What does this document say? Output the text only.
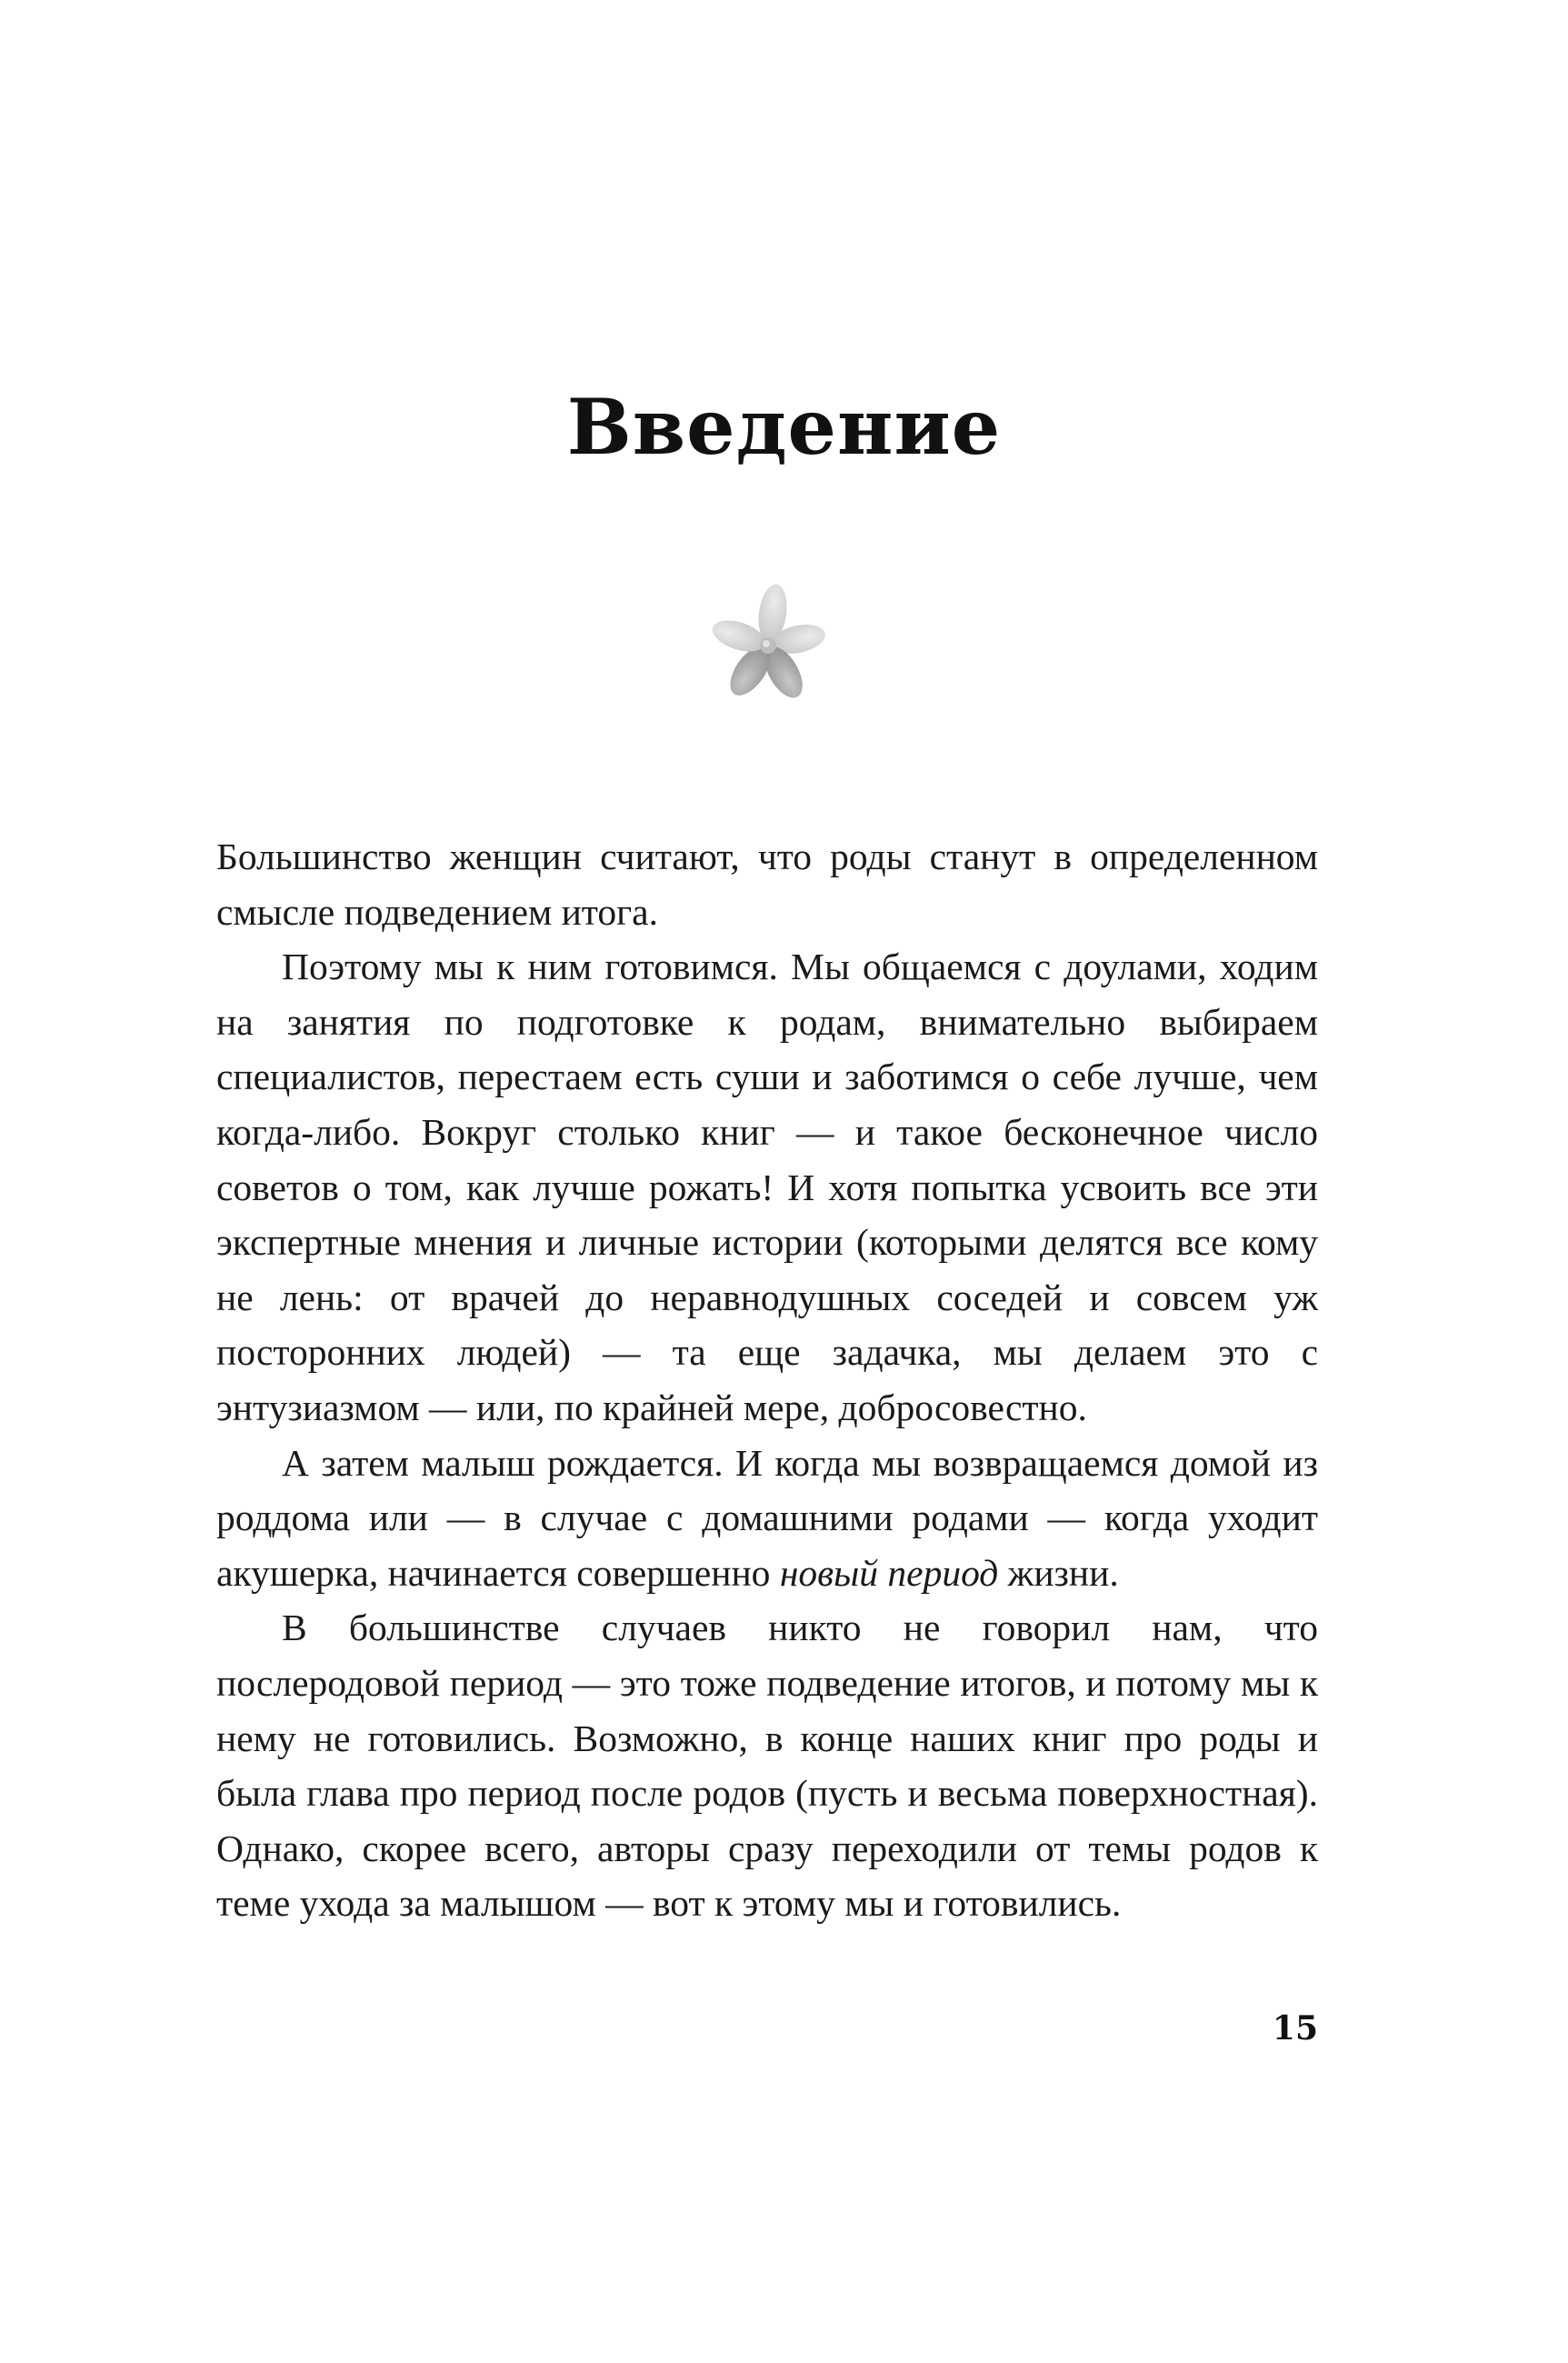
Введение

Большинство женщин считают, что роды станут в определенном смысле подведением итога.

Поэтому мы к ним готовимся. Мы общаемся с доулами, ходим на занятия по подготовке к родам, внимательно выбираем специалистов, перестаем есть суши и заботимся о себе лучше, чем когда-либо. Вокруг столько книг — и такое бесконечное число советов о том, как лучше рожать! И хотя попытка усвоить все эти экспертные мнения и личные истории (которыми делятся все кому не лень: от врачей до неравнодушных соседей и совсем уж посторонних людей) — та еще задачка, мы делаем это с энтузиазмом — или, по крайней мере, добросовестно.

А затем малыш рождается. И когда мы возвращаемся домой из роддома или — в случае с домашними родами — когда уходит акушерка, начинается совершенно новый период жизни.

В большинстве случаев никто не говорил нам, что послеродовой период — это тоже подведение итогов, и потому мы к нему не готовились. Возможно, в конце наших книг про роды и была глава про период после родов (пусть и весьма поверхностная). Однако, скорее всего, авторы сразу переходили от темы родов к теме ухода за малышом — вот к этому мы и готовились.

15
